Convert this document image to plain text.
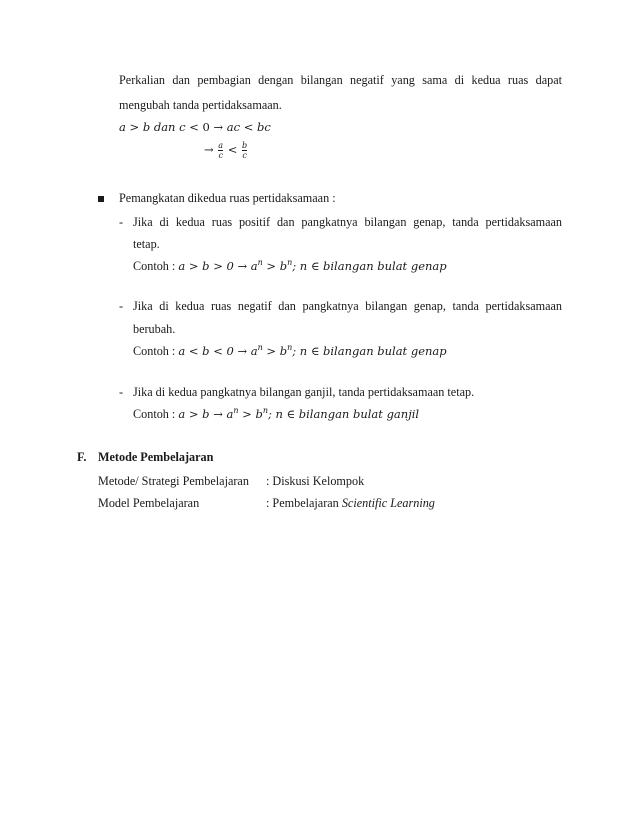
Perkalian dan pembagian dengan bilangan negatif yang sama di kedua ruas dapat
mengubah tanda pertidaksamaan.
a > b dan c < 0 → ac < bc
→ $\frac{a}{c} < \frac{b}{c}$
Pemangkatan dikedua ruas pertidaksamaan :
- Jika di kedua ruas positif dan pangkatnya bilangan genap, tanda pertidaksamaan
tetap.
Contoh : $a > b > 0 \to a^n > b^n$; n ∈ bilangan bulat genap
- Jika di kedua ruas negatif dan pangkatnya bilangan genap, tanda pertidaksamaan
berubah.
Contoh : $a < b < 0 \to a^n > b^n$; n ∈ bilangan bulat genap
- Jika di kedua pangkatnya bilangan ganjil, tanda pertidaksamaan tetap.
Contoh : $a > b \to a^n > b^n$; n ∈ bilangan bulat ganjil
F. Metode Pembelajaran
Metode/ Strategi Pembelajaran : Diskusi Kelompok
Model Pembelajaran	: Pembelajaran Scientific Learning
